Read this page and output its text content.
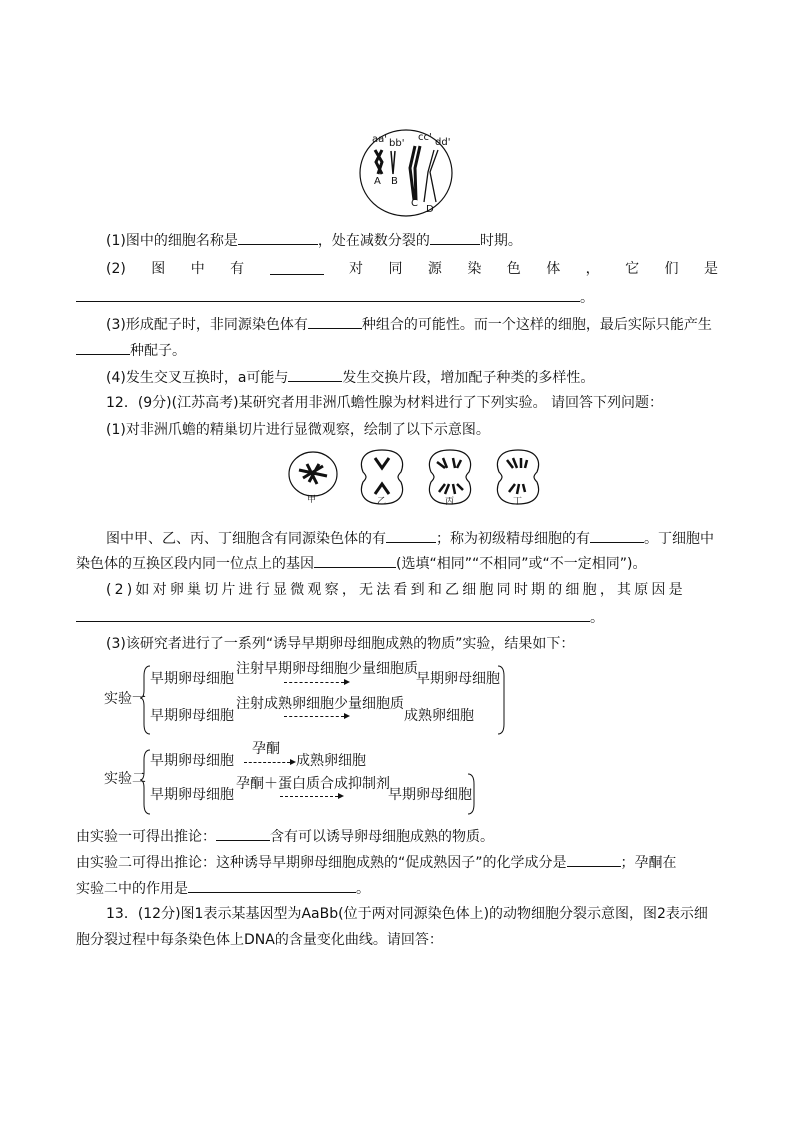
aa' bb'
cc' dd'
A B
C
D
(1)图中的细胞名称是	，处在减数分裂的	时期。
(2) 图 中 有	对 同 源 染 色 体 ， 它 们 是
。
(3)形成配子时，非同源染色体有	种组合的可能性。而一个这样的细胞，最后实际只能产生
种配子。
(4)发生交叉互换时，a可能与	发生交换片段，增加配子种类的多样性。
12．(9分)(江苏高考)某研究者用非洲爪蟾性腺为材料进行了下列实验。 请回答下列问题：
(1)对非洲爪蟾的精巢切片进行显微观察，绘制了以下示意图。
甲	乙	丙	丁
图中甲、乙、丙、丁细胞含有同源染色体的有	；称为初级精母细胞的有	。丁细胞中
染色体的互换区段内同一位点上的基因	(选填“相同”“不相同”或“不一定相同”)。
(2)如对卵巢切片进行显微观察，无法看到和乙细胞同时期的细胞，其原因是
。
(3)该研究者进行了一系列“诱导早期卵母细胞成熟的物质”实验，结果如下：
实验一
早期卵母细胞
注射早期卵母细胞少量细胞质
早期卵母细胞
早期卵母细胞
注射成熟卵细胞少量细胞质
成熟卵细胞
实验二
早期卵母细胞
孕酮
成熟卵细胞
早期卵母细胞
孕酮＋蛋白质合成抑制剂
早期卵母细胞
由实验一可得出推论：	含有可以诱导卵母细胞成熟的物质。
由实验二可得出推论：这种诱导早期卵母细胞成熟的“促成熟因子”的化学成分是	；孕酮在
实验二中的作用是	。
13．(12分)图1表示某基因型为AaBb(位于两对同源染色体上)的动物细胞分裂示意图，图2表示细
胞分裂过程中每条染色体上DNA的含量变化曲线。请回答：
